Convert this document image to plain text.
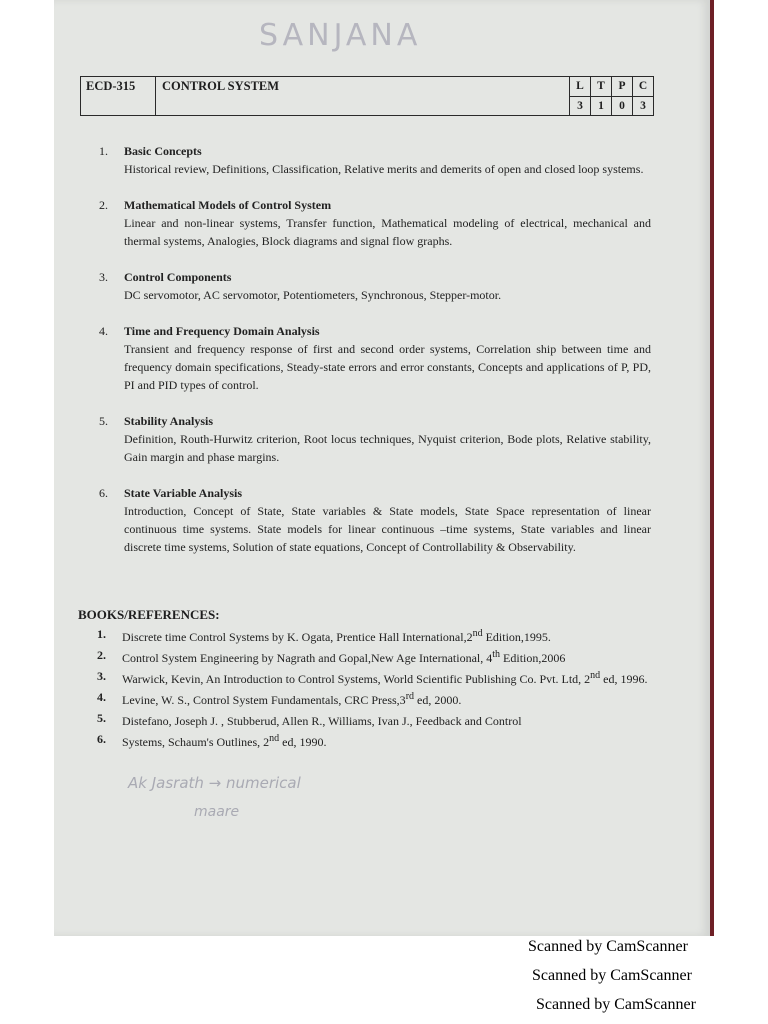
SANJANA
ECD-315	CONTROL SYSTEM	L	T	P	C
		3	1	0	3
1. Basic Concepts
Historical review, Definitions, Classification, Relative merits and demerits of open and closed loop systems.
2. Mathematical Models of Control System
Linear and non-linear systems, Transfer function, Mathematical modeling of electrical, mechanical and thermal systems, Analogies, Block diagrams and signal flow graphs.
3. Control Components
DC servomotor, AC servomotor, Potentiometers, Synchronous, Stepper-motor.
4. Time and Frequency Domain Analysis
Transient and frequency response of first and second order systems, Correlation ship between time and frequency domain specifications, Steady-state errors and error constants, Concepts and applications of P, PD, PI and PID types of control.
5. Stability Analysis
Definition, Routh-Hurwitz criterion, Root locus techniques, Nyquist criterion, Bode plots, Relative stability, Gain margin and phase margins.
6. State Variable Analysis
Introduction, Concept of State, State variables & State models, State Space representation of linear continuous time systems. State models for linear continuous –time systems, State variables and linear discrete time systems, Solution of state equations, Concept of Controllability & Observability.
BOOKS/REFERENCES:
1. Discrete time Control Systems by K. Ogata, Prentice Hall International,2nd Edition,1995.
2. Control System Engineering by Nagrath and Gopal,New Age International, 4th Edition,2006
3. Warwick, Kevin, An Introduction to Control Systems, World Scientific Publishing Co. Pvt. Ltd, 2nd ed, 1996.
4. Levine, W. S., Control System Fundamentals, CRC Press,3rd ed, 2000.
5. Distefano, Joseph J. , Stubberud, Allen R., Williams, Ivan J., Feedback and Control
6. Systems, Schaum's Outlines, 2nd ed, 1990.
Ak Jasrath → numerical
maare
Scanned by CamScanner
Scanned by CamScanner
Scanned by CamScanner
